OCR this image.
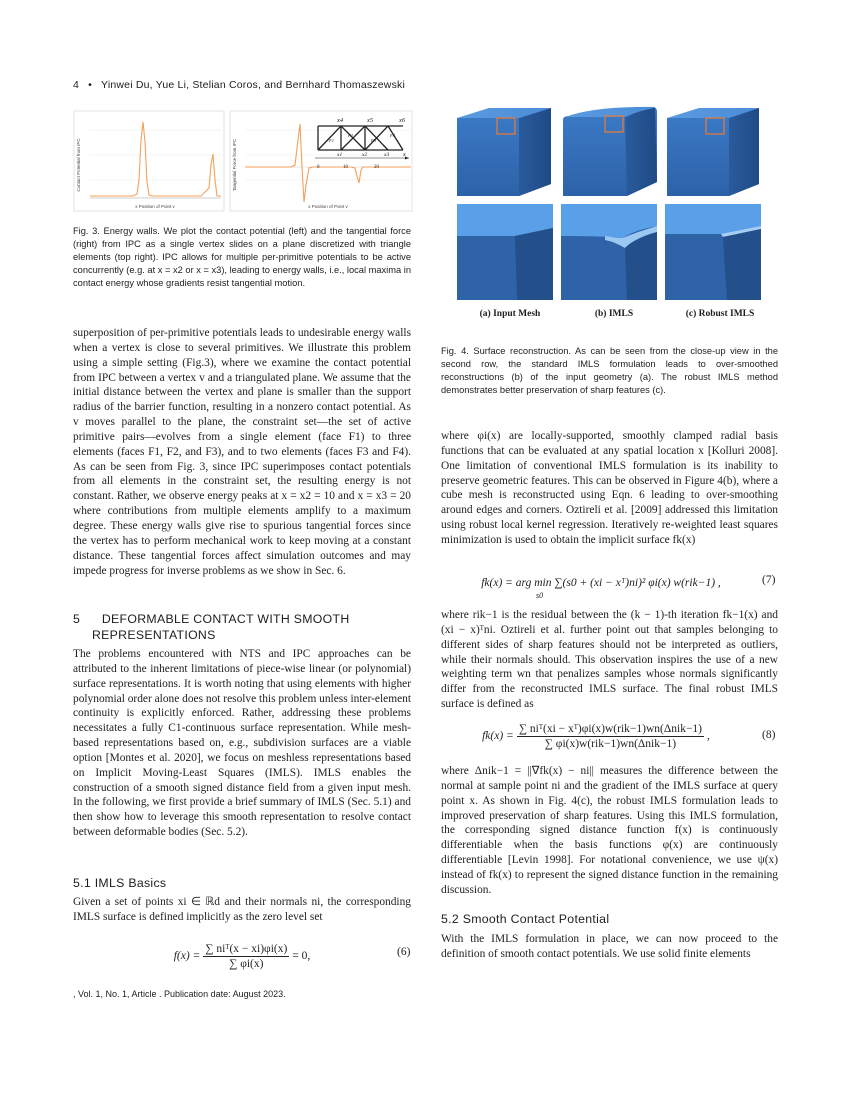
4 • Yinwei Du, Yue Li, Stelian Coros, and Bernhard Thomaszewski
Contact Potential from IPC
x Position of Point v
Tangential Force from IPC
x Position of Point v
x4	x5	x6
x1	x2	x3
F1
F2
F3
F4
0	10	20
x
Fig. 3. Energy walls. We plot the contact potential (left) and the tangential force (right) from IPC as a single vertex slides on a plane discretized with triangle elements (top right). IPC allows for multiple per-primitive potentials to be active concurrently (e.g. at x = x2 or x = x3), leading to energy walls, i.e., local maxima in contact energy whose gradients resist tangential motion.
(a) Input Mesh	(b) IMLS	(c) Robust IMLS
Fig. 4. Surface reconstruction. As can be seen from the close-up view in the second row, the standard IMLS formulation leads to over-smoothed reconstructions (b) of the input geometry (a). The robust IMLS method demonstrates better preservation of sharp features (c).
superposition of per-primitive potentials leads to undesirable energy walls when a vertex is close to several primitives. We illustrate this problem using a simple setting (Fig.3), where we examine the contact potential from IPC between a vertex v and a triangulated plane. We assume that the initial distance between the vertex and plane is smaller than the support radius of the barrier function, resulting in a nonzero contact potential. As v moves parallel to the plane, the constraint set—the set of active primitive pairs—evolves from a single element (face F1) to three elements (faces F1, F2, and F3), and to two elements (faces F3 and F4). As can be seen from Fig. 3, since IPC superimposes contact potentials from all elements in the constraint set, the resulting energy is not constant. Rather, we observe energy peaks at x = x2 = 10 and x = x3 = 20 where contributions from multiple elements amplify to a maximum degree. These energy walls give rise to spurious tangential forces since the vertex has to perform mechanical work to keep moving at a constant distance. These tangential forces affect simulation outcomes and may impede progress for inverse problems as we show in Sec. 6.
5 DEFORMABLE CONTACT WITH SMOOTH
REPRESENTATIONS
The problems encountered with NTS and IPC approaches can be attributed to the inherent limitations of piece-wise linear (or polynomial) surface representations. It is worth noting that using elements with higher polynomial order alone does not resolve this problem unless inter-element continuity is explicitly enforced. Rather, addressing these problems necessitates a fully C1-continuous surface representation. While mesh-based representations based on, e.g., subdivision surfaces are a viable option [Montes et al. 2020], we focus on meshless representations based on Implicit Moving-Least Squares (IMLS). IMLS enables the construction of a smooth signed distance field from a given input mesh. In the following, we first provide a brief summary of IMLS (Sec. 5.1) and then show how to leverage this smooth representation to resolve contact between deformable bodies (Sec. 5.2).
5.1 IMLS Basics
Given a set of points xi ∈ ℝd and their normals ni, the corresponding IMLS surface is defined implicitly as the zero level set
$f(x) = \frac{\text{∑ niᵀ(x − xi)φi(x)}}{\sum \varphi i(x)} = 0$,	(6)
where φi(x) are locally-supported, smoothly clamped radial basis functions that can be evaluated at any spatial location x [Kolluri 2008]. One limitation of conventional IMLS formulation is its inability to preserve geometric features. This can be observed in Figure 4(b), where a cube mesh is reconstructed using Eqn. 6 leading to over-smoothing around edges and corners. Oztireli et al. [2009] addressed this limitation using robust local kernel regression. Iteratively re-weighted least squares minimization is used to obtain the implicit surface fk(x)
fk(x) = arg min ∑(s0 + (xi − xᵀ)ni)² φi(x) w(rik−1) ,
s0
(7)
where rik−1 is the residual between the (k − 1)-th iteration fk−1(x) and (xi − x)ᵀni. Oztireli et al. further point out that samples belonging to different sides of sharp features should not be interpreted as outliers, while their normals should. This observation inspires the use of a new weighting term wn that penalizes samples whose normals significantly differ from the reconstructed IMLS surface. The final robust IMLS surface is defined as
$fk(x) = \frac{\text{∑ niᵀ(xi − xᵀ)φi(x)w(rik−1)wn(Δnik−1)}}{\text{∑ φi(x)w(rik−1)wn(Δnik−1)}}$ ,	(8)
where Δnik−1 = ||∇fk(x) − ni|| measures the difference between the normal at sample point ni and the gradient of the IMLS surface at query point x. As shown in Fig. 4(c), the robust IMLS formulation leads to improved preservation of sharp features. Using this IMLS formulation, the corresponding signed distance function f(x) is continuously differentiable when the basis functions φ(x) are continuously differentiable [Levin 1998]. For notational convenience, we use ψ(x) instead of fk(x) to represent the signed distance function in the remaining discussion.
5.2 Smooth Contact Potential
With the IMLS formulation in place, we can now proceed to the definition of smooth contact potentials. We use solid finite elements
, Vol. 1, No. 1, Article . Publication date: August 2023.
